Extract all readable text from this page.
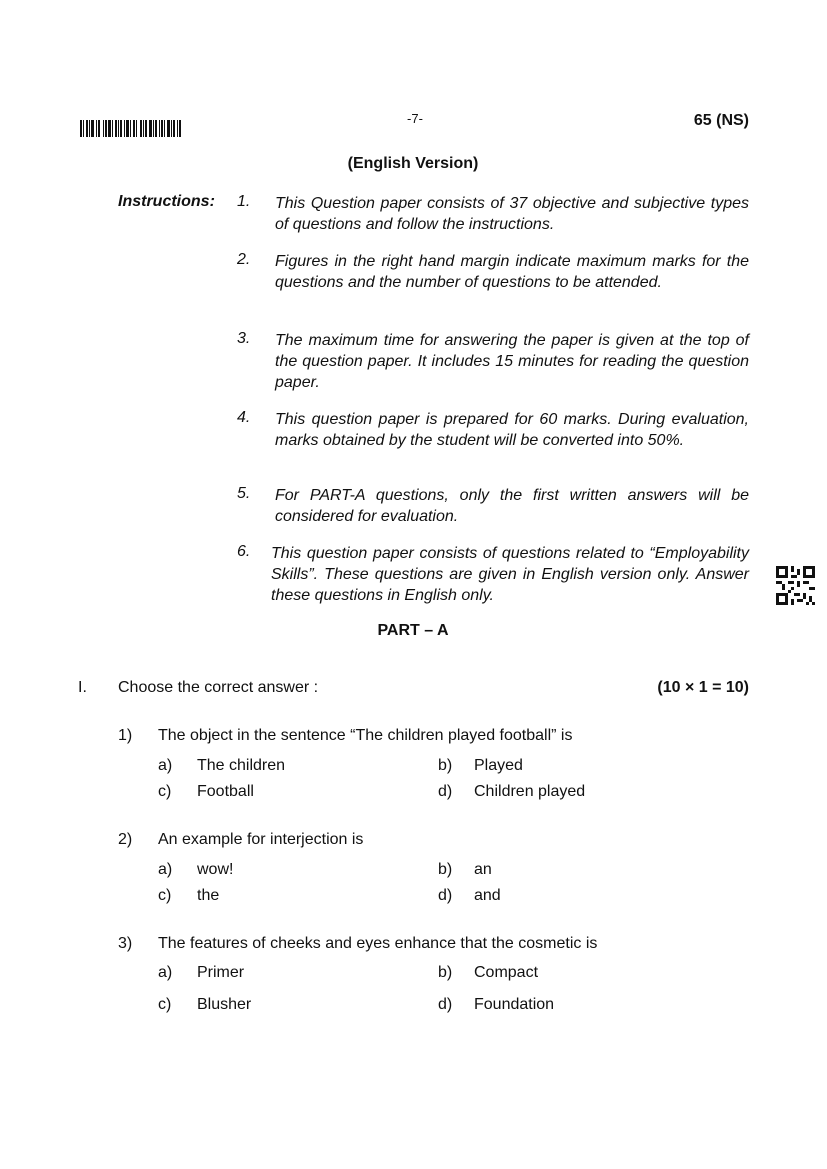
-7-	65 (NS)
(English Version)
Instructions: 1. This Question paper consists of 37 objective and subjective types of questions and follow the instructions.
2. Figures in the right hand margin indicate maximum marks for the questions and the number of questions to be attended.
3. The maximum time for answering the paper is given at the top of the question paper. It includes 15 minutes for reading the question paper.
4. This question paper is prepared for 60 marks. During evaluation, marks obtained by the student will be converted into 50%.
5. For PART-A questions, only the first written answers will be considered for evaluation.
6. This question paper consists of questions related to “Employability Skills”. These questions are given in English version only. Answer these questions in English only.
PART – A
I. Choose the correct answer :	(10 × 1 = 10)
1) The object in the sentence “The children played football” is
a) The children	b) Played
c) Football	d) Children played
2) An example for interjection is
a) wow!	b) an
c) the	d) and
3) The features of cheeks and eyes enhance that the cosmetic is
a) Primer	b) Compact
c) Blusher	d) Foundation
